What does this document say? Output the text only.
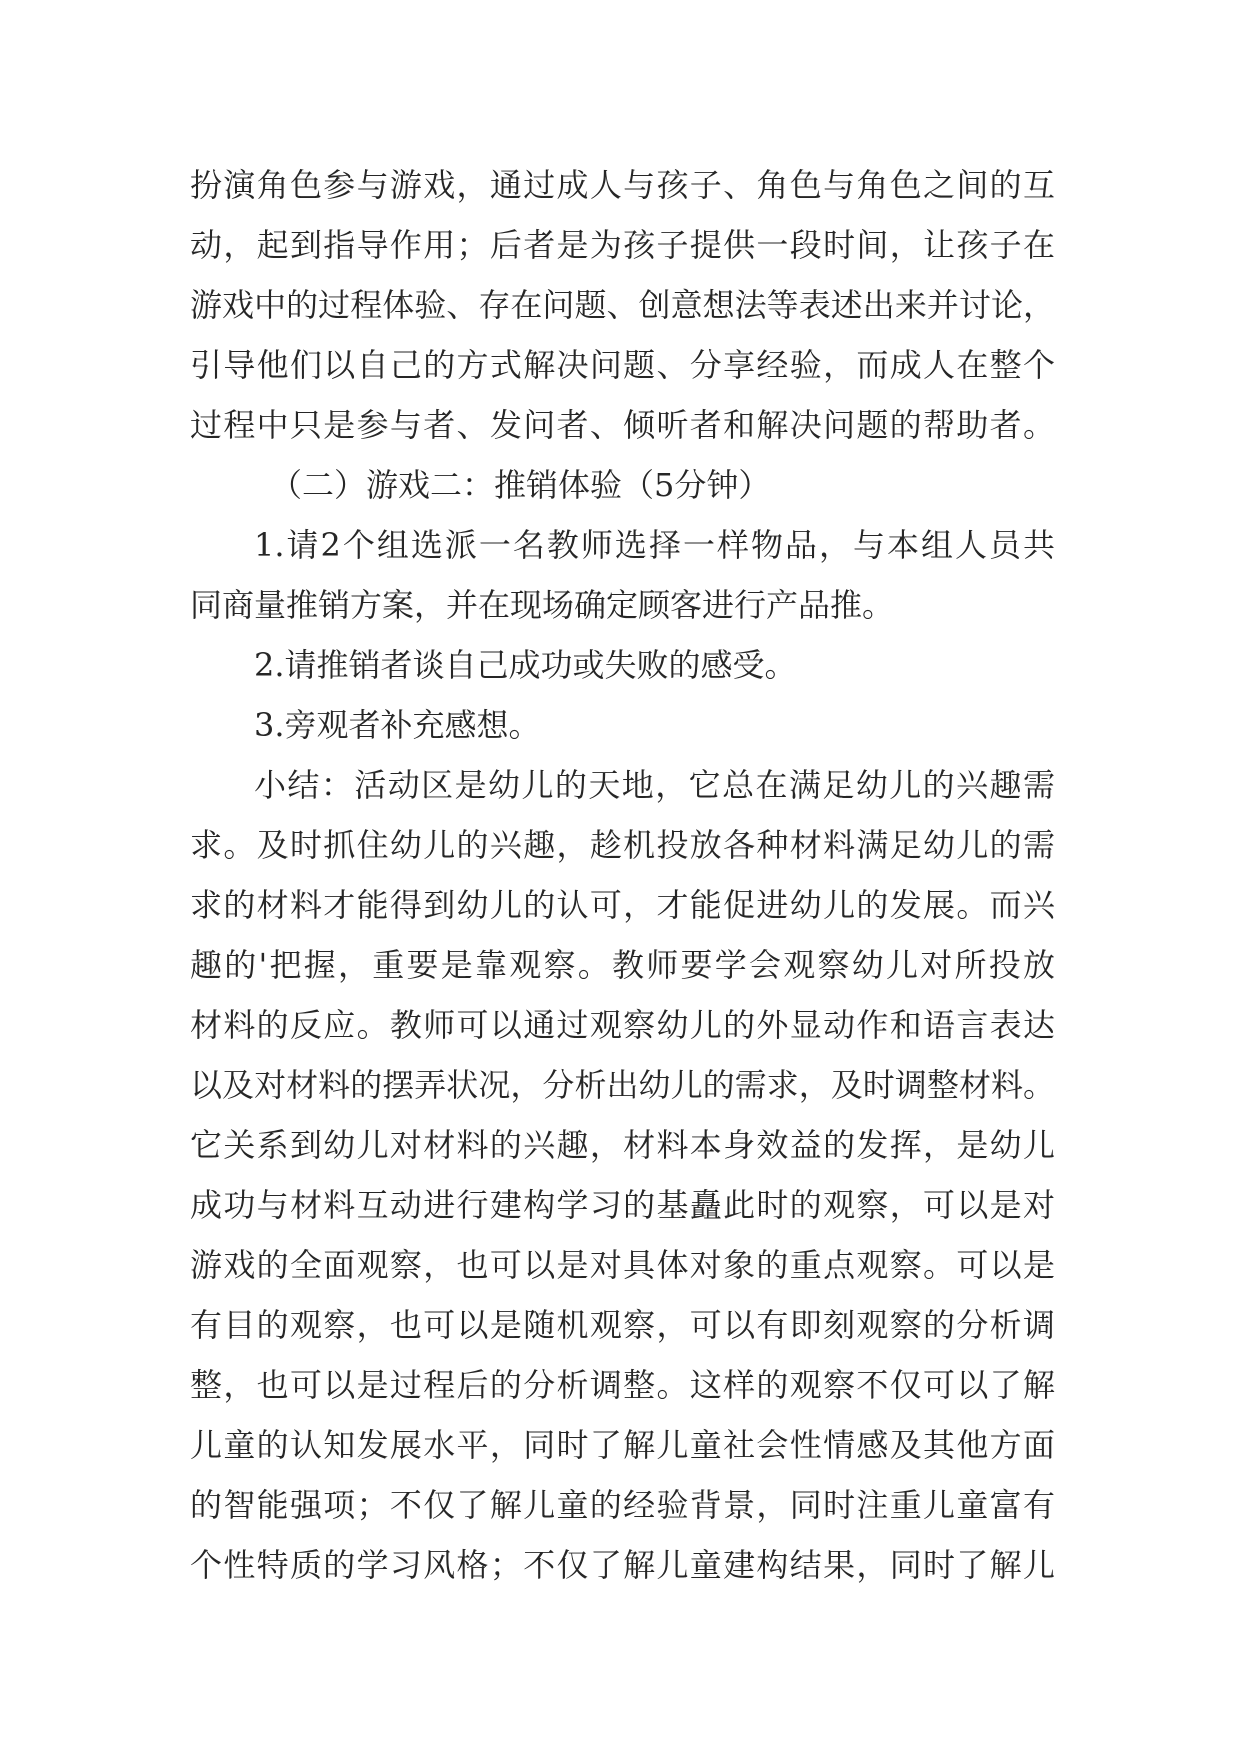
扮演角色参与游戏，通过成人与孩子、角色与角色之间的互
动，起到指导作用；后者是为孩子提供一段时间，让孩子在
游戏中的过程体验、存在问题、创意想法等表述出来并讨论，
引导他们以自己的方式解决问题、分享经验，而成人在整个
过程中只是参与者、发问者、倾听者和解决问题的帮助者。
（二）游戏二：推销体验（5分钟）
1.请2个组选派一名教师选择一样物品，与本组人员共
同商量推销方案，并在现场确定顾客进行产品推。
2.请推销者谈自己成功或失败的感受。
3.旁观者补充感想。
小结：活动区是幼儿的天地，它总在满足幼儿的兴趣需
求。及时抓住幼儿的兴趣，趁机投放各种材料满足幼儿的需
求的材料才能得到幼儿的认可，才能促进幼儿的发展。而兴
趣的'把握，重要是靠观察。教师要学会观察幼儿对所投放
材料的反应。教师可以通过观察幼儿的外显动作和语言表达
以及对材料的摆弄状况，分析出幼儿的需求，及时调整材料。
它关系到幼儿对材料的兴趣，材料本身效益的发挥，是幼儿
成功与材料互动进行建构学习的基矗此时的观察，可以是对
游戏的全面观察，也可以是对具体对象的重点观察。可以是
有目的观察，也可以是随机观察，可以有即刻观察的分析调
整，也可以是过程后的分析调整。这样的观察不仅可以了解
儿童的认知发展水平，同时了解儿童社会性情感及其他方面
的智能强项；不仅了解儿童的经验背景，同时注重儿童富有
个性特质的学习风格；不仅了解儿童建构结果，同时了解儿
